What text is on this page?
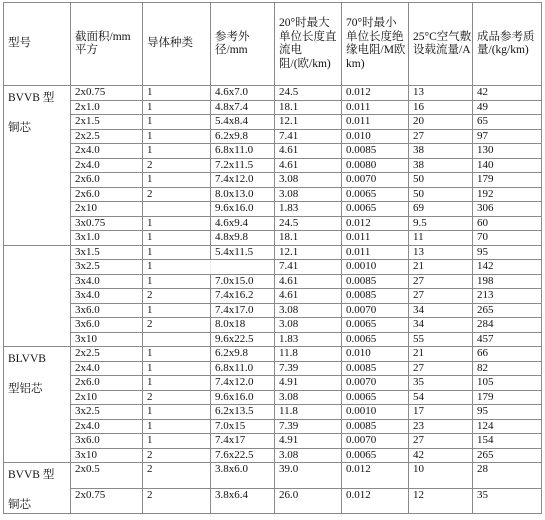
型号	截面积/mm平方	导体种类	参考外径/mm	20°时最大单位长度直流电阻/(欧/km)	70°时最小单位长度绝缘电阻/M欧km)	25°C空气敷设载流量/A	成品参考质量/(kg/km)

BVVB 型
铜芯	2x0.75	1	4.6x7.0	24.5	0.012	13	42
	2x1.0	1	4.8x7.4	18.1	0.011	16	49
	2x1.5	1	5.4x8.4	12.1	0.011	20	65
	2x2.5	1	6.2x9.8	7.41	0.010	27	97
	2x4.0	1	6.8x11.0	4.61	0.0085	38	130
	2x4.0	2	7.2x11.5	4.61	0.0080	38	140
	2x6.0	1	7.4x12.0	3.08	0.0070	50	179
	2x6.0	2	8.0x13.0	3.08	0.0065	50	192
	2x10		9.6x16.0	1.83	0.0065	69	306
	3x0.75	1	4.6x9.4	24.5	0.012	9.5	60
	3x1.0	1	4.8x9.8	18.1	0.011	11	70
	3x1.5	1	5.4x11.5	12.1	0.011	13	95
	3x2.5	1		7.41	0.0010	21	142
	3x4.0	1	7.0x15.0	4.61	0.0085	27	198
	3x4.0	2	7.4x16.2	4.61	0.0085	27	213
	3x6.0	1	7.4x17.0	3.08	0.0070	34	265
	3x6.0	2	8.0x18	3.08	0.0065	34	284
	3x10		9.6x22.5	1.83	0.0065	55	457

BLVVB
型铝芯	2x2.5	1	6.2x9.8	11.8	0.010	21	66
	2x4.0	1	6.8x11.0	7.39	0.0085	27	82
	2x6.0	1	7.4x12.0	4.91	0.0070	35	105
	2x10	2	9.6x16.0	3.08	0.0065	54	179
	3x2.5	1	6.2x13.5	11.8	0.0010	17	95
	2x4.0	1	7.0x15	7.39	0.0085	23	124
	3x6.0	1	7.4x17	4.91	0.0070	27	154
	3x10	2	7.6x22.5	3.08	0.0065	42	265

BVVB 型
铜芯	2x0.5	2	3.8x6.0	39.0	0.012	10	28
	2x0.75	2	3.8x6.4	26.0	0.012	12	35
